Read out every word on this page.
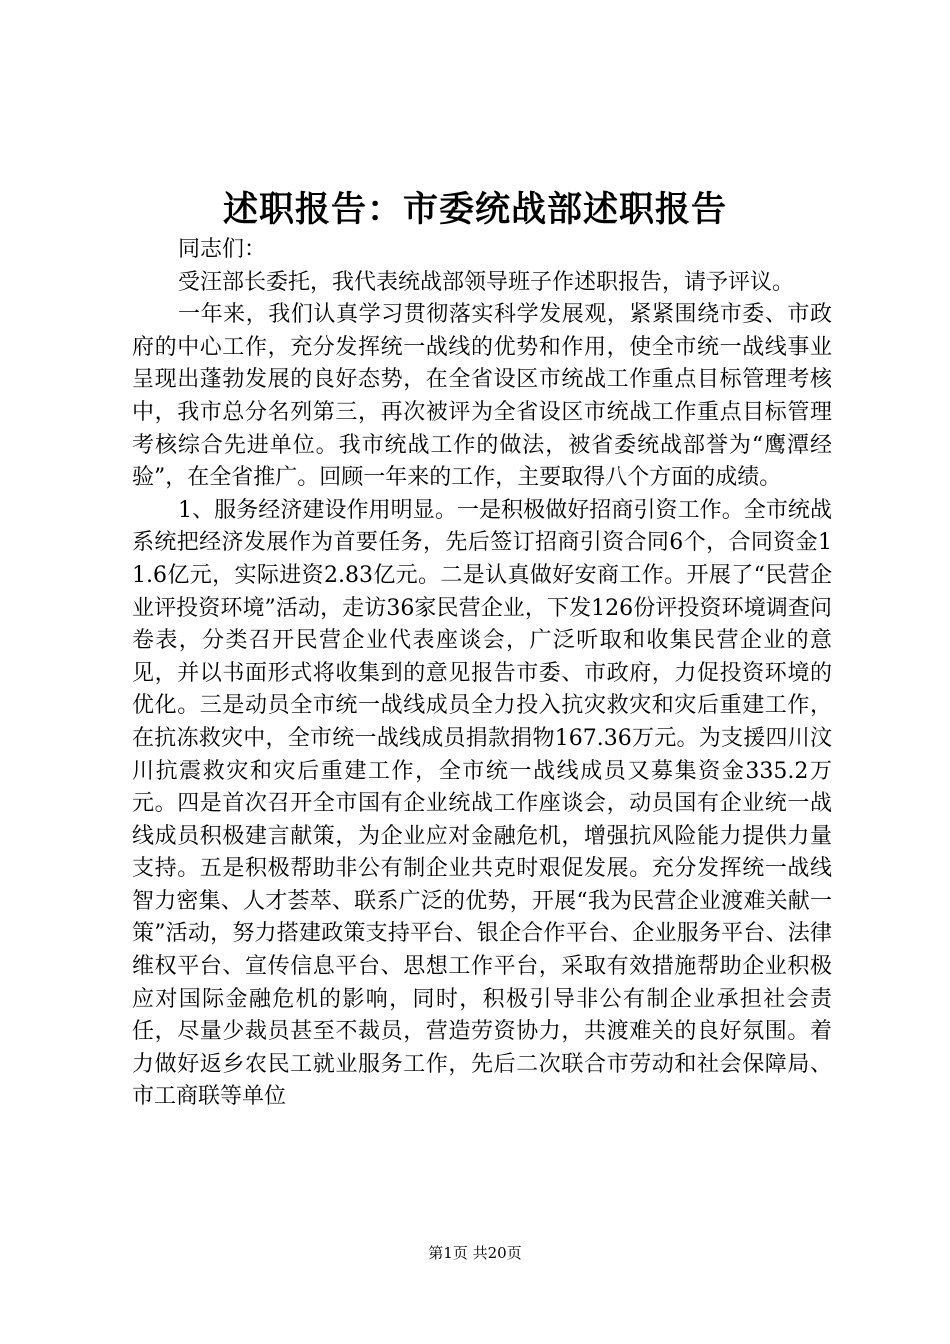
述职报告：市委统战部述职报告

同志们：

受汪部长委托，我代表统战部领导班子作述职报告，请予评议。

一年来，我们认真学习贯彻落实科学发展观，紧紧围绕市委、市政府的中心工作，充分发挥统一战线的优势和作用，使全市统一战线事业呈现出蓬勃发展的良好态势，在全省设区市统战工作重点目标管理考核中，我市总分名列第三，再次被评为全省设区市统战工作重点目标管理考核综合先进单位。我市统战工作的做法，被省委统战部誉为“鹰潭经验”，在全省推广。回顾一年来的工作，主要取得八个方面的成绩。

1、服务经济建设作用明显。一是积极做好招商引资工作。全市统战系统把经济发展作为首要任务，先后签订招商引资合同6个，合同资金11.6亿元，实际进资2.83亿元。二是认真做好安商工作。开展了“民营企业评投资环境”活动，走访36家民营企业，下发126份评投资环境调查问卷表，分类召开民营企业代表座谈会，广泛听取和收集民营企业的意见，并以书面形式将收集到的意见报告市委、市政府，力促投资环境的优化。三是动员全市统一战线成员全力投入抗灾救灾和灾后重建工作，在抗冻救灾中，全市统一战线成员捐款捐物167.36万元。为支援四川汶川抗震救灾和灾后重建工作，全市统一战线成员又募集资金335.2万元。四是首次召开全市国有企业统战工作座谈会，动员国有企业统一战线成员积极建言献策，为企业应对金融危机，增强抗风险能力提供力量支持。五是积极帮助非公有制企业共克时艰促发展。充分发挥统一战线智力密集、人才荟萃、联系广泛的优势，开展“我为民营企业渡难关献一策”活动，努力搭建政策支持平台、银企合作平台、企业服务平台、法律维权平台、宣传信息平台、思想工作平台，采取有效措施帮助企业积极应对国际金融危机的影响，同时，积极引导非公有制企业承担社会责任，尽量少裁员甚至不裁员，营造劳资协力，共渡难关的良好氛围。着力做好返乡农民工就业服务工作，先后二次联合市劳动和社会保障局、市工商联等单位

第1页 共20页
